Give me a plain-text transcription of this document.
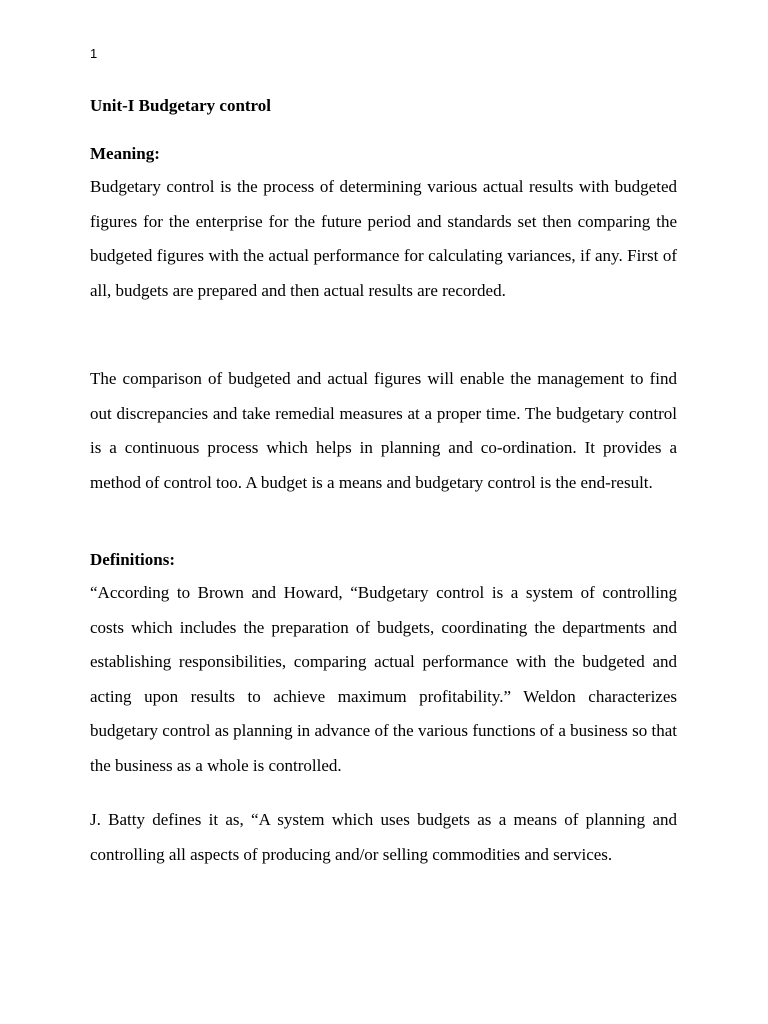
1
Unit-I Budgetary control
Meaning:

Budgetary control is the process of determining various actual results with budgeted figures for the enterprise for the future period and standards set then comparing the budgeted figures with the actual performance for calculating variances, if any. First of all, budgets are prepared and then actual results are recorded.

The comparison of budgeted and actual figures will enable the management to find out discrepancies and take remedial measures at a proper time. The budgetary control is a continuous process which helps in planning and co-ordination. It provides a method of control too. A budget is a means and budgetary control is the end-result.

Definitions:

“According to Brown and Howard, “Budgetary control is a system of controlling costs which includes the preparation of budgets, coordinating the departments and establishing responsibilities, comparing actual performance with the budgeted and acting upon results to achieve maximum profitability.” Weldon characterizes budgetary control as planning in advance of the various functions of a business so that the business as a whole is controlled.

J. Batty defines it as, “A system which uses budgets as a means of planning and controlling all aspects of producing and/or selling commodities and services.
